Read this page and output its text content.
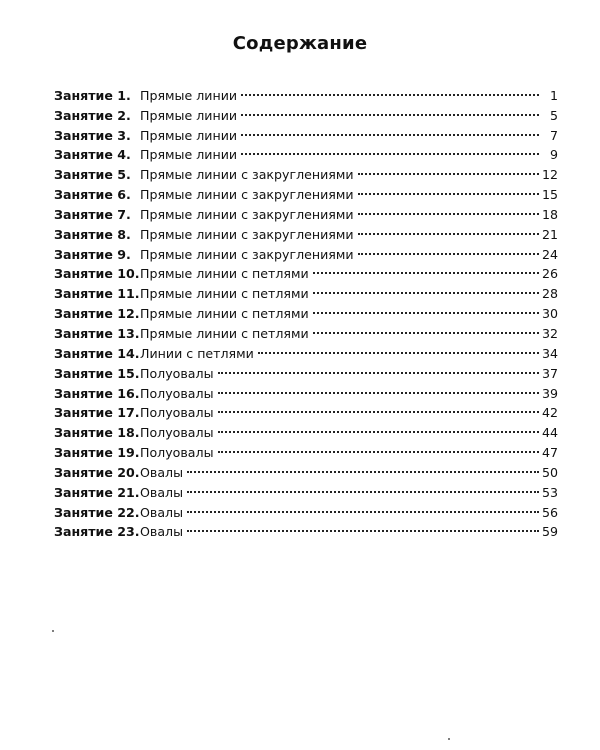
Содержание
Занятие 1. Прямые линии	1
Занятие 2. Прямые линии	5
Занятие 3. Прямые линии	7
Занятие 4. Прямые линии	9
Занятие 5. Прямые линии с закруглениями	12
Занятие 6. Прямые линии с закруглениями	15
Занятие 7. Прямые линии с закруглениями	18
Занятие 8. Прямые линии с закруглениями	21
Занятие 9. Прямые линии с закруглениями	24
Занятие 10. Прямые линии с петлями	26
Занятие 11. Прямые линии с петлями	28
Занятие 12. Прямые линии с петлями	30
Занятие 13. Прямые линии с петлями	32
Занятие 14. Линии с петлями	34
Занятие 15. Полуовалы	37
Занятие 16. Полуовалы	39
Занятие 17. Полуовалы	42
Занятие 18. Полуовалы	44
Занятие 19. Полуовалы	47
Занятие 20. Овалы	50
Занятие 21. Овалы	53
Занятие 22. Овалы	56
Занятие 23. Овалы	59
